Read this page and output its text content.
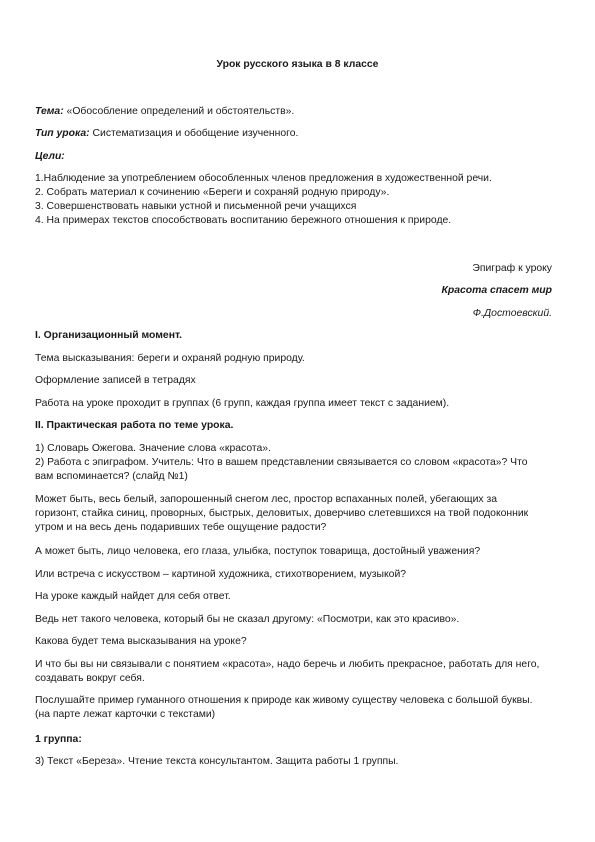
Урок русского языка в 8 классе
Тема: «Обособление определений и обстоятельств».
Тип урока: Систематизация и обобщение изученного.
Цели:
1.Наблюдение за употреблением обособленных членов предложения в художественной речи.
2. Собрать материал к сочинению «Береги и сохраняй родную природу».
3. Совершенствовать навыки устной и письменной речи учащихся
4. На примерах текстов способствовать воспитанию бережного отношения к природе.
Эпиграф к уроку
Красота спасет мир
Ф.Достоевский.
I. Организационный момент.
Тема высказывания: береги и охраняй родную природу.
Оформление записей в тетрадях
Работа на уроке проходит в группах (6 групп, каждая группа имеет текст с заданием).
II. Практическая работа по теме урока.
1) Словарь Ожегова. Значение слова «красота».
2) Работа с эпиграфом. Учитель: Что в вашем представлении связывается со словом «красота»? Что
вам вспоминается? (слайд №1)
Может быть, весь белый, запорошенный снегом лес, простор вспаханных полей, убегающих за
горизонт, стайка синиц, проворных, быстрых, деловитых, доверчиво слетевшихся на твой подоконник
утром и на весь день подаривших тебе ощущение радости?
А может быть, лицо человека, его глаза, улыбка, поступок товарища, достойный уважения?
Или встреча с искусством – картиной художника, стихотворением, музыкой?
На уроке каждый найдет для себя ответ.
Ведь нет такого человека, который бы не сказал другому: «Посмотри, как это красиво».
Какова будет тема высказывания на уроке?
И что бы вы ни связывали с понятием «красота», надо беречь и любить прекрасное, работать для него,
создавать вокруг себя.
Послушайте пример гуманного отношения к природе как живому существу человека с большой буквы.
(на парте лежат карточки с текстами)
1 группа:
3) Текст «Береза». Чтение текста консультантом. Защита работы 1 группы.
